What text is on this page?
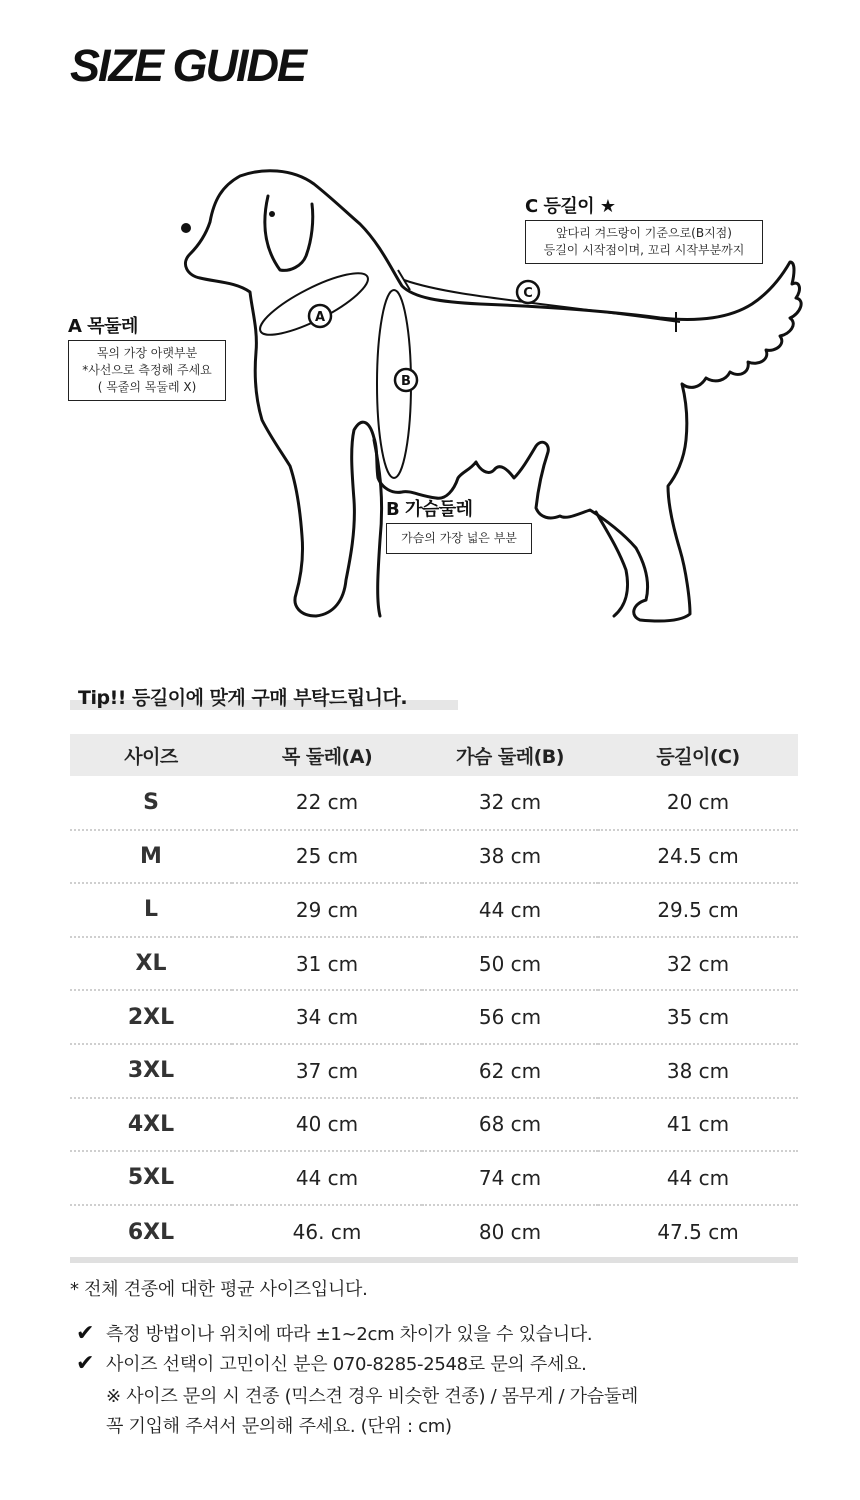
SIZE GUIDE
A
B
C
A 목둘레
목의 가장 아랫부분
*사선으로 측정해 주세요
( 목줄의 목둘레 X)
C 등길이 ★
앞다리 겨드랑이 기준으로(B지점)
등길이 시작점이며, 꼬리 시작부분까지
B 가슴둘레
가슴의 가장 넓은 부분
Tip!! 등길이에 맞게 구매 부탁드립니다.
사이즈	목 둘레(A)	가슴 둘레(B)	등길이(C)
S	22 cm	32 cm	20 cm
M	25 cm	38 cm	24.5 cm
L	29 cm	44 cm	29.5 cm
XL	31 cm	50 cm	32 cm
2XL	34 cm	56 cm	35 cm
3XL	37 cm	62 cm	38 cm
4XL	40 cm	68 cm	41 cm
5XL	44 cm	74 cm	44 cm
6XL	46. cm	80 cm	47.5 cm
* 전체 견종에 대한 평균 사이즈입니다.
✔ 측정 방법이나 위치에 따라 ±1~2cm 차이가 있을 수 있습니다.
✔ 사이즈 선택이 고민이신 분은 070-8285-2548로 문의 주세요.
※ 사이즈 문의 시 견종 (믹스견 경우 비슷한 견종) / 몸무게 / 가슴둘레
꼭 기입해 주셔서 문의해 주세요. (단위 : cm)
